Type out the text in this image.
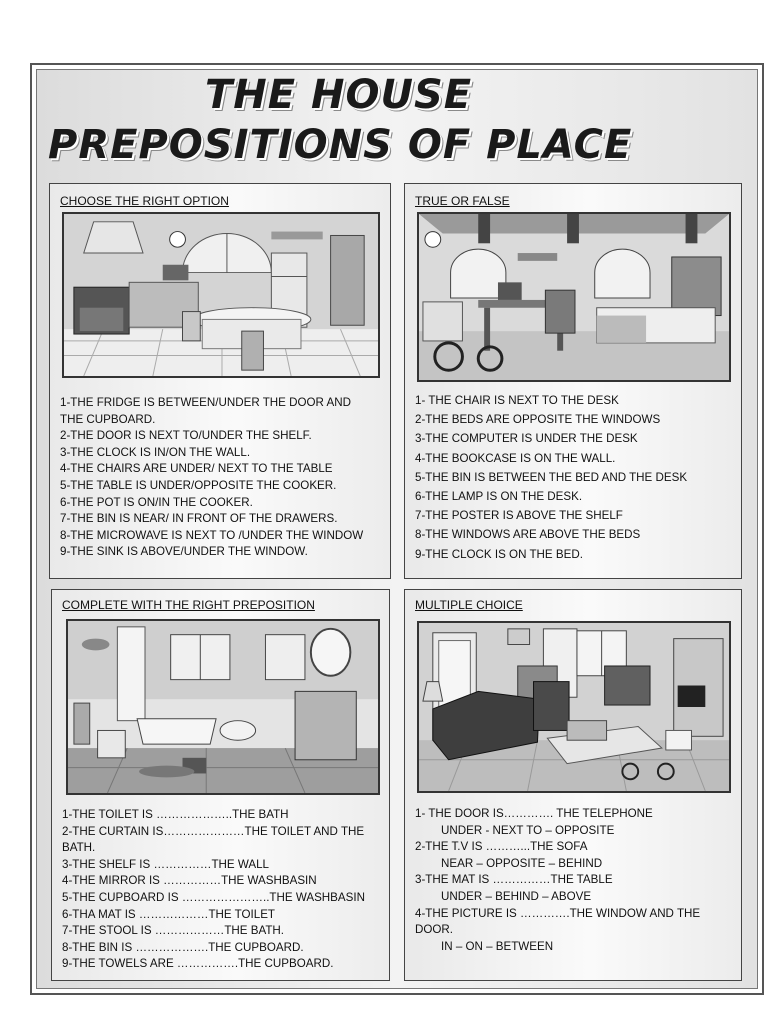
THE HOUSE
PREPOSITIONS OF PLACE
CHOOSE THE RIGHT OPTION
1-THE FRIDGE IS BETWEEN/UNDER THE DOOR AND
THE CUPBOARD.
2-THE DOOR IS NEXT TO/UNDER THE SHELF.
3-THE CLOCK IS IN/ON THE WALL.
4-THE CHAIRS ARE UNDER/ NEXT TO THE TABLE
5-THE TABLE IS UNDER/OPPOSITE THE COOKER.
6-THE POT IS ON/IN THE COOKER.
7-THE BIN IS NEAR/ IN FRONT OF THE DRAWERS.
8-THE MICROWAVE IS NEXT TO /UNDER THE WINDOW
9-THE SINK IS ABOVE/UNDER THE WINDOW.
TRUE OR FALSE
1- THE CHAIR IS NEXT TO THE DESK
2-THE BEDS ARE OPPOSITE THE WINDOWS
3-THE COMPUTER IS UNDER THE DESK
4-THE BOOKCASE IS ON THE WALL.
5-THE BIN IS BETWEEN THE BED AND THE DESK
6-THE LAMP IS ON THE DESK.
7-THE POSTER IS ABOVE THE SHELF
8-THE WINDOWS ARE ABOVE THE BEDS
9-THE CLOCK IS ON THE BED.
COMPLETE WITH THE RIGHT PREPOSITION
1-THE TOILET IS ………………..THE BATH
2-THE CURTAIN IS…………………THE TOILET AND THE
BATH.
3-THE SHELF IS ……………THE WALL
4-THE MIRROR IS ……………THE WASHBASIN
5-THE CUPBOARD IS …………………..THE WASHBASIN
6-THA MAT IS ………………THE TOILET
7-THE STOOL IS ………………THE BATH.
8-THE BIN IS ……………….THE CUPBOARD.
9-THE TOWELS ARE …………….THE CUPBOARD.
MULTIPLE CHOICE
1- THE DOOR IS…………. THE TELEPHONE
UNDER - NEXT TO – OPPOSITE
2-THE T.V IS ………...THE SOFA
NEAR – OPPOSITE – BEHIND
3-THE MAT IS ……………THE TABLE
UNDER – BEHIND – ABOVE
4-THE PICTURE IS ………….THE WINDOW AND THE
DOOR.
IN – ON – BETWEEN
